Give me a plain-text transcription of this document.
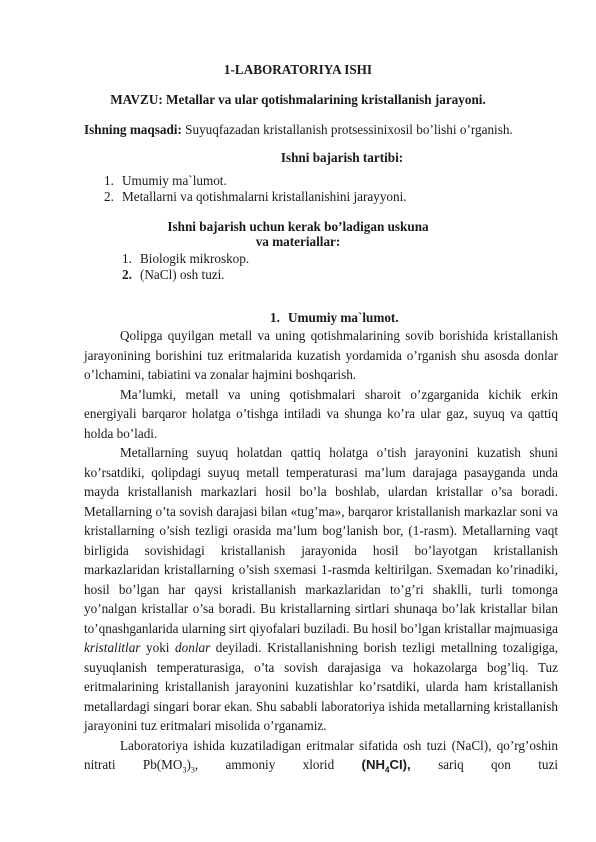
1-LABORATORIYA ISHI
MAVZU: Metallar va ular qotishmalarining kristallanish jarayoni.
Ishning maqsadi: Suyuqfazadan kristallanish protsessinixosil bo’lishi o’rganish.
Ishni bajarish tartibi:
1. Umumiy ma`lumot.
2. Metallarni va qotishmalarni kristallanishini jarayyoni.
Ishni bajarish uchun kerak bo’ladigan uskuna
va materiallar:
1. Biologik mikroskop.
2. (NaCl) osh tuzi.
1. Umumiy ma`lumot.

Qolipga quyilgan metall va uning qotishmalarining sovib borishida kristallanish jarayonining borishini tuz eritmalarida kuzatish yordamida o’rganish shu asosda donlar o’lchamini, tabiatini va zonalar hajmini boshqarish.

Ma’lumki, metall va uning qotishmalari sharoit o’zgarganida kichik erkin energiyali barqaror holatga o’tishga intiladi va shunga ko’ra ular gaz, suyuq va qattiq holda bo’ladi.

Metallarning suyuq holatdan qattiq holatga o’tish jarayonini kuzatish shuni ko’rsatdiki, qolipdagi suyuq metall temperaturasi ma’lum darajaga pasayganda unda mayda kristallanish markazlari hosil bo’la boshlab, ulardan kristallar o’sa boradi. Metallarning o’ta sovish darajasi bilan «tug’ma», barqaror kristallanish markazlar soni va kristallarning o’sish tezligi orasida ma’lum bog’lanish bor, (1-rasm). Metallarning vaqt birligida sovishidagi kristallanish jarayonida hosil bo’layotgan kristallanish markazlaridan kristallarning o’sish sxemasi 1-rasmda keltirilgan. Sxemadan ko’rinadiki, hosil bo’lgan har qaysi kristallanish markazlaridan to’g’ri shaklli, turli tomonga yo’nalgan kristallar o’sa boradi. Bu kristallarning sirtlari shunaqa bo’lak kristallar bilan to’qnashganlarida ularning sirt qiyofalari buziladi. Bu hosil bo’lgan kristallar majmuasiga kristalitlar yoki donlar deyiladi. Kristallanishning borish tezligi metallning tozaligiga, suyuqlanish temperaturasiga, o’ta sovish darajasiga va hokazolarga bog’liq. Tuz eritmalarining kristallanish jarayonini kuzatishlar ko’rsatdiki, ularda ham kristallanish metallardagi singari borar ekan. Shu sababli laboratoriya ishida metallarning kristallanish jarayonini tuz eritmalari misolida o’rganamiz.

Laboratoriya ishida kuzatiladigan eritmalar sifatida osh tuzi (NaCl), qo’rg’oshin nitrati $Pb(MO_3)_3$, ammoniy xlorid $(NH_4CI)$, sariq qon tuzi
